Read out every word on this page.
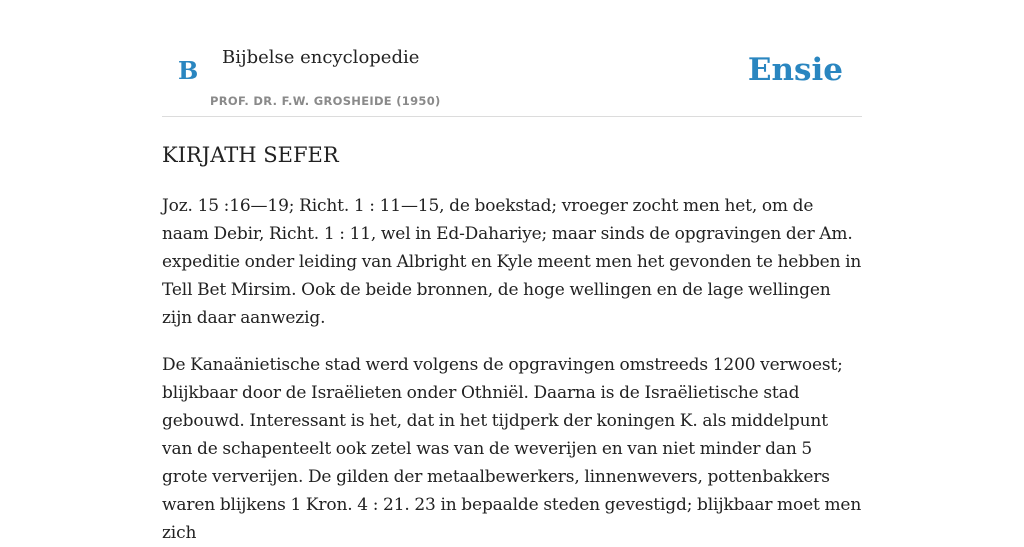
B Bijbelse encyclopedie
PROF. DR. F.W. GROSHEIDE (1950)
Ensie
KIRJATH SEFER

Joz. 15 :16—19; Richt. 1 : 11—15, de boekstad; vroeger zocht men het, om de naam Debir, Richt. 1 : 11, wel in Ed-Dahariye; maar sinds de opgravingen der Am. expeditie onder leiding van Albright en Kyle meent men het gevonden te hebben in Tell Bet Mirsim. Ook de beide bronnen, de hoge wellingen en de lage wellingen zijn daar aanwezig.

De Kanaänietische stad werd volgens de opgravingen omstreeds 1200 verwoest; blijkbaar door de Israëlieten onder Othniël. Daarna is de Israëlietische stad gebouwd. Interessant is het, dat in het tijdperk der koningen K. als middelpunt van de schapenteelt ook zetel was van de weverijen en van niet minder dan 5 grote ververijen. De gilden der metaalbewerkers, linnenwevers, pottenbakkers waren blijkens 1 Kron. 4 : 21. 23 in bepaalde steden gevestigd; blijkbaar moet men zich
